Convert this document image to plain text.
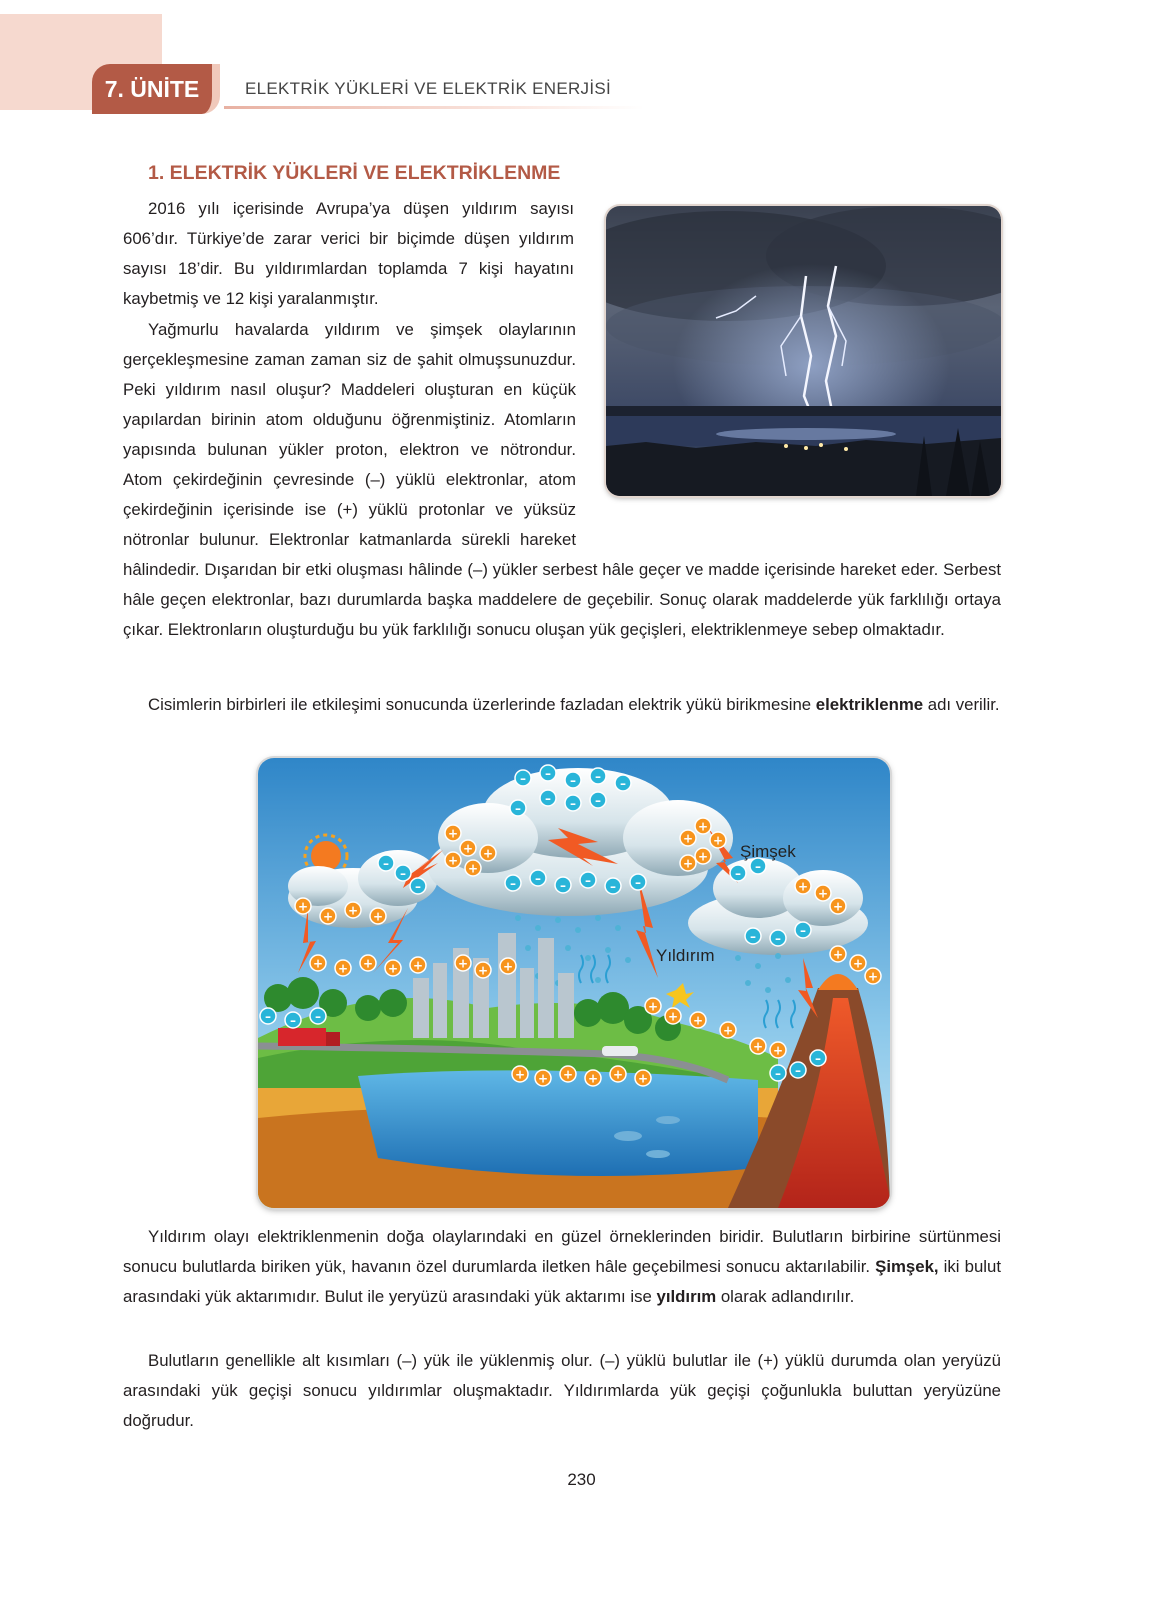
7. ÜNİTE	ELEKTRİK YÜKLERİ VE ELEKTRİK ENERJİSİ
1. ELEKTRİK YÜKLERİ VE ELEKTRİKLENME

2016 yılı içerisinde Avrupa’ya düşen yıldırım sayısı 606’dır. Türkiye’de zarar verici bir biçimde düşen yıldırım sayısı 18’dir. Bu yıldırımlardan toplamda 7 kişi hayatını kaybetmiş ve 12 kişi yaralanmıştır.

Yağmurlu havalarda yıldırım ve şimşek olaylarının gerçekleşmesine zaman zaman siz de şahit olmuşsunuzdur. Peki yıldırım nasıl oluşur? Maddeleri oluşturan en küçük yapılardan birinin atom olduğunu öğrenmiştiniz. Atomların yapısında bulunan yükler proton, elektron ve nötrondur. Atom çekirdeğinin çevresinde (–) yüklü elektronlar, atom çekirdeğinin içerisinde ise (+) yüklü protonlar ve yüksüz nötronlar bulunur. Elektronlar katmanlarda sürekli hareket hâlindedir. Dışarıdan bir etki oluşması hâlinde (–) yükler serbest hâle geçer ve madde içerisinde hareket eder. Serbest hâle geçen elektronlar, bazı durumlarda başka maddelere de geçebilir. Sonuç olarak maddelerde yük farklılığı ortaya çıkar. Elektronların oluşturduğu bu yük farklılığı sonucu oluşan yük geçişleri, elektriklenmeye sebep olmaktadır.

Cisimlerin birbirleri ile etkileşimi sonucunda üzerlerinde fazladan elektrik yükü birikmesine elektriklenme adı verilir.

– – – – –
– – –
–
+
+
+
+
+
+
+
+
+
+
– – – – – –
–
–
–
+
+ + +
– –
+ +
+
–
–
–
+ + + + +	+ + +
+
+ +
+
+ +
+ + + + + +
–
–
–
+
+
+
– – –
Şimşek
Yıldırım

Yıldırım olayı elektriklenmenin doğa olaylarındaki en güzel örneklerinden biridir. Bulutların birbirine sürtünmesi sonucu bulutlarda biriken yük, havanın özel durumlarda iletken hâle geçebilmesi sonucu aktarılabilir. Şimşek, iki bulut arasındaki yük aktarımıdır. Bulut ile yeryüzü arasındaki yük aktarımı ise yıldırım olarak adlandırılır.

Bulutların genellikle alt kısımları (–) yük ile yüklenmiş olur. (–) yüklü bulutlar ile (+) yüklü durumda olan yeryüzü arasındaki yük geçişi sonucu yıldırımlar oluşmaktadır. Yıldırımlarda yük geçişi çoğunlukla buluttan yeryüzüne doğrudur.

230
